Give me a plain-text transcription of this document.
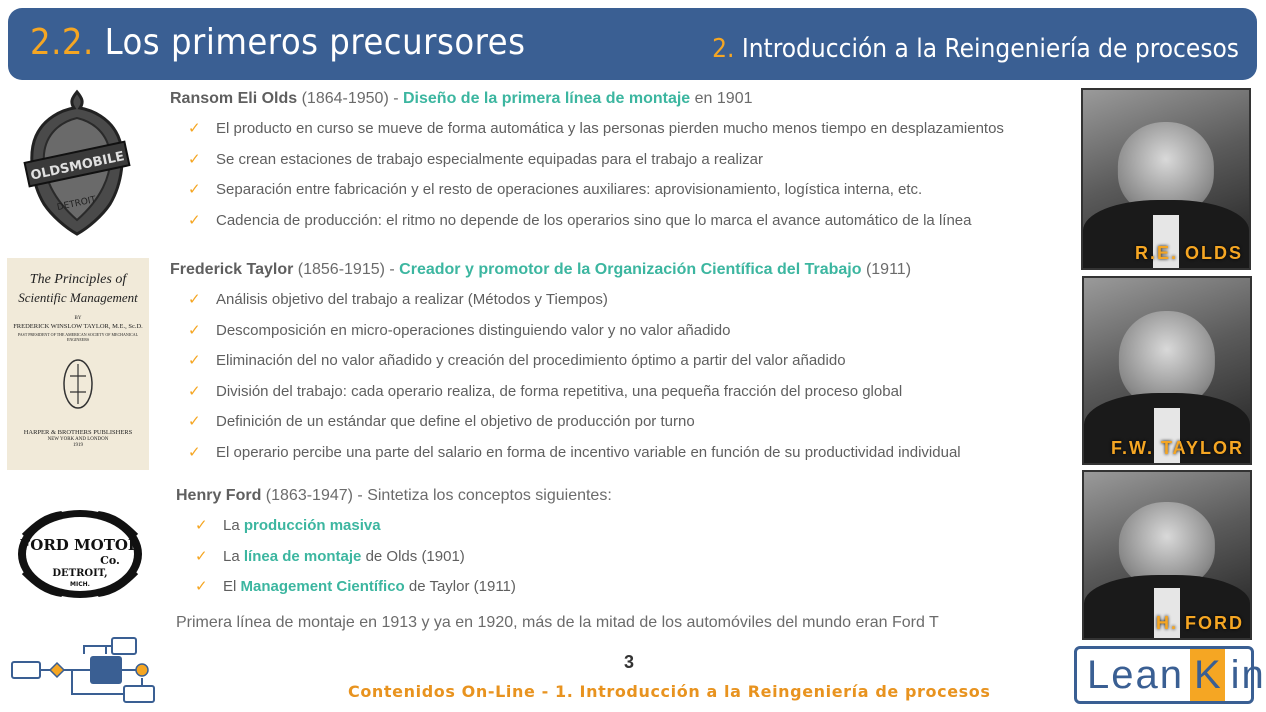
2.2. Los primeros precursores	2. Introducción a la Reingeniería de procesos
OLDSMOBILE
DETROIT
Ransom Eli Olds (1864-1950) - Diseño de la primera línea de montaje en 1901
✓ El producto en curso se mueve de forma automática y las personas pierden mucho menos tiempo en desplazamientos
✓ Se crean estaciones de trabajo especialmente equipadas para el trabajo a realizar
✓ Separación entre fabricación y el resto de operaciones auxiliares: aprovisionamiento, logística interna, etc.
✓ Cadencia de producción: el ritmo no depende de los operarios sino que lo marca el avance automático de la línea
The Principles of
Scientific Management
BY
FREDERICK WINSLOW TAYLOR, M.E., Sc.D.
PAST PRESIDENT OF THE AMERICAN SOCIETY OF MECHANICAL ENGINEERS
HARPER & BROTHERS PUBLISHERS
NEW YORK AND LONDON
1919
Frederick Taylor (1856-1915) - Creador y promotor de la Organización Científica del Trabajo (1911)
✓ Análisis objetivo del trabajo a realizar (Métodos y Tiempos)
✓ Descomposición en micro-operaciones distinguiendo valor y no valor añadido
✓ Eliminación del no valor añadido y creación del procedimiento óptimo a partir del valor añadido
✓ División del trabajo: cada operario realiza, de forma repetitiva, una pequeña fracción del proceso global
✓ Definición de un estándar que define el objetivo de producción por turno
✓ El operario percibe una parte del salario en forma de incentivo variable en función de su productividad individual
FORD MOTOR
Co.
DETROIT,
MICH.
Henry Ford (1863-1947) - Sintetiza los conceptos siguientes:
✓ La producción masiva
✓ La línea de montaje de Olds (1901)
✓ El Management Científico de Taylor (1911)
Primera línea de montaje en 1913 y ya en 1920, más de la mitad de los automóviles del mundo eran Ford T
R.E. OLDS
F.W. TAYLOR
H. FORD
3
Contenidos On-Line - 1. Introducción a la Reingeniería de procesos Lean K in
